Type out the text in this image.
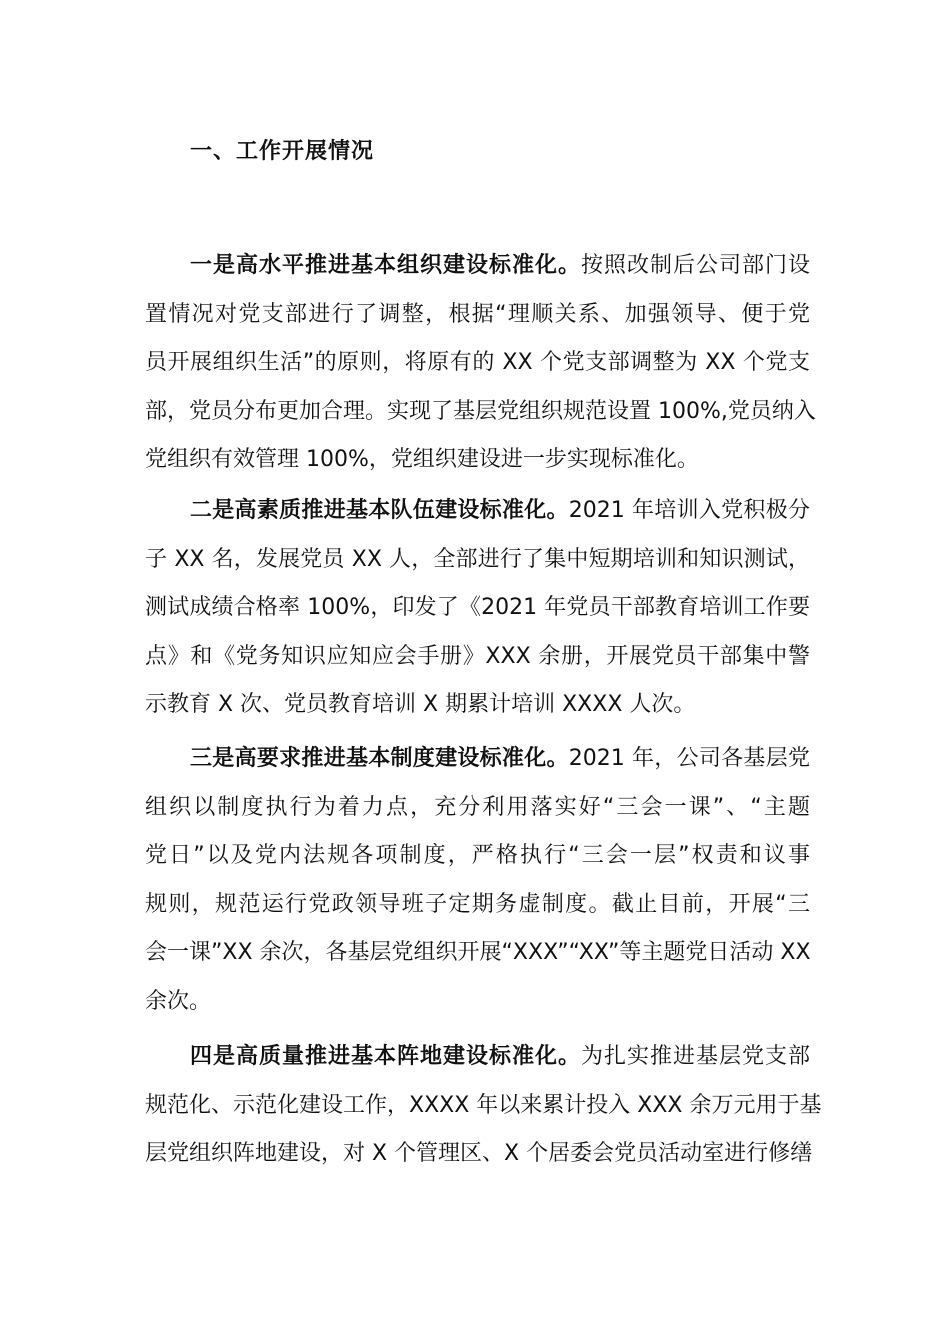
一、工作开展情况
一是高水平推进基本组织建设标准化。按照改制后公司部门设
置情况对党支部进行了调整，根据“理顺关系、加强领导、便于党
员开展组织生活”的原则，将原有的 XX 个党支部调整为 XX 个党支
部，党员分布更加合理。实现了基层党组织规范设置 100%,党员纳入
党组织有效管理 100%，党组织建设进一步实现标准化。
二是高素质推进基本队伍建设标准化。2021 年培训入党积极分
子 XX 名，发展党员 XX 人，全部进行了集中短期培训和知识测试，
测试成绩合格率 100%，印发了《2021 年党员干部教育培训工作要
点》和《党务知识应知应会手册》XXX 余册，开展党员干部集中警
示教育 X 次、党员教育培训 X 期累计培训 XXXX 人次。
三是高要求推进基本制度建设标准化。2021 年，公司各基层党
组织以制度执行为着力点，充分利用落实好“三会一课”、“主题
党日”以及党内法规各项制度，严格执行“三会一层”权责和议事
规则，规范运行党政领导班子定期务虚制度。截止目前，开展“三
会一课”XX 余次，各基层党组织开展“XXX”“XX”等主题党日活动 XX
余次。
四是高质量推进基本阵地建设标准化。为扎实推进基层党支部
规范化、示范化建设工作，XXXX 年以来累计投入 XXX 余万元用于基
层党组织阵地建设，对 X 个管理区、X 个居委会党员活动室进行修缮
